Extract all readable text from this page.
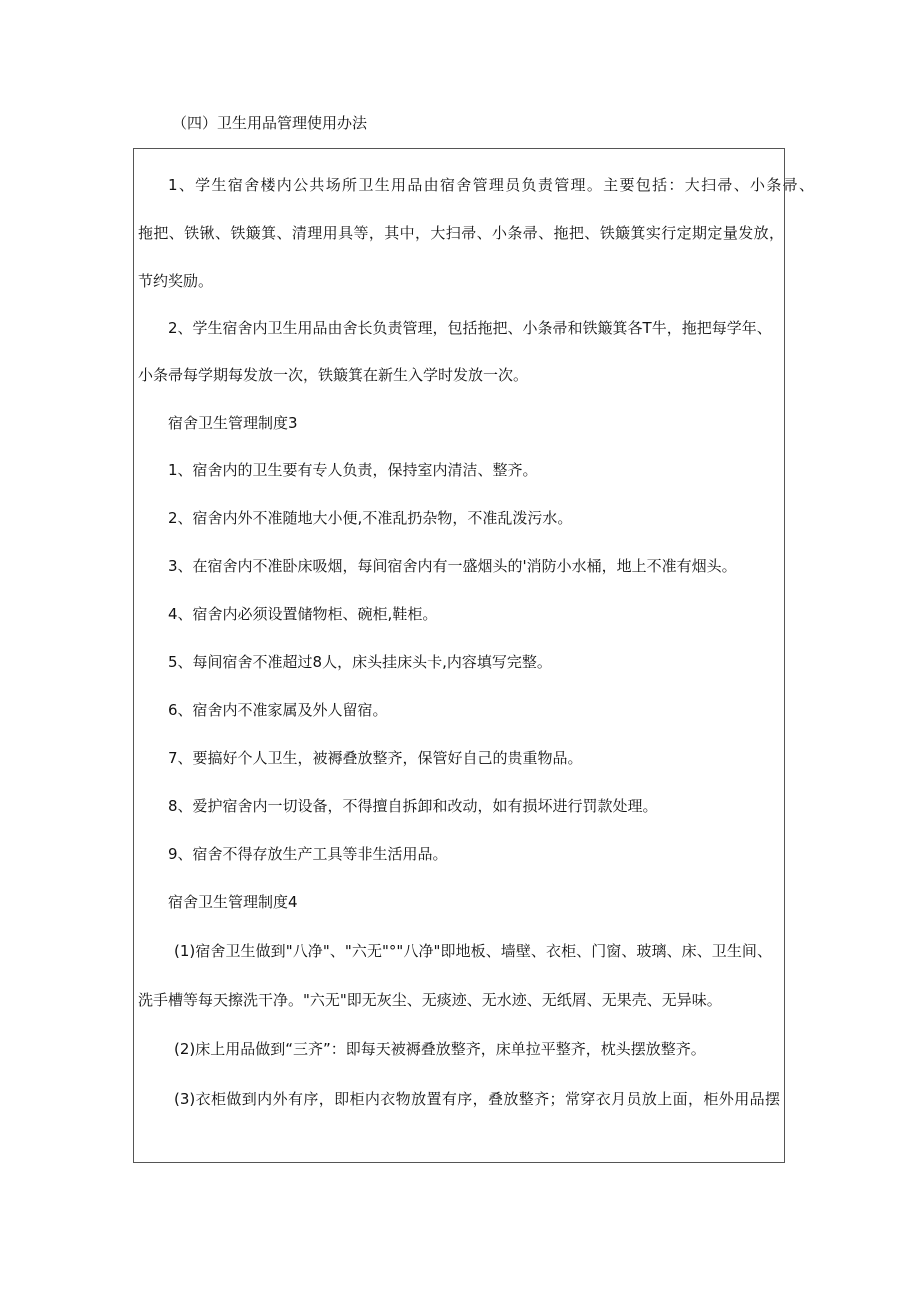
（四）卫生用品管理使用办法
1、学生宿舍楼内公共场所卫生用品由宿舍管理员负责管理。主要包括：大扫帚、小条帚、
拖把、铁锹、铁簸箕、清理用具等，其中，大扫帚、小条帚、拖把、铁簸箕实行定期定量发放，
节约奖励。
2、学生宿舍内卫生用品由舍长负责管理，包括拖把、小条帚和铁簸箕各T牛，拖把每学年、
小条帚每学期每发放一次，铁簸箕在新生入学时发放一次。
宿舍卫生管理制度3
1、宿舍内的卫生要有专人负责，保持室内清洁、整齐。
2、宿舍内外不准随地大小便,不准乱扔杂物，不准乱泼污水。
3、在宿舍内不准卧床吸烟，每间宿舍内有一盛烟头的'消防小水桶，地上不准有烟头。
4、宿舍内必须设置储物柜、碗柜,鞋柜。
5、每间宿舍不准超过8人，床头挂床头卡,内容填写完整。
6、宿舍内不准家属及外人留宿。
7、要搞好个人卫生，被褥叠放整齐，保管好自己的贵重物品。
8、爱护宿舍内一切设备，不得擅自拆卸和改动，如有损坏进行罚款处理。
9、宿舍不得存放生产工具等非生活用品。
宿舍卫生管理制度4
(1)宿舍卫生做到"八净"、"六无"°"八净"即地板、墙壁、衣柜、门窗、玻璃、床、卫生间、
洗手槽等每天擦洗干净。"六无"即无灰尘、无痰迹、无水迹、无纸屑、无果壳、无异味。
(2)床上用品做到“三齐”：即每天被褥叠放整齐，床单拉平整齐，枕头摆放整齐。
(3)衣柜做到内外有序，即柜内衣物放置有序，叠放整齐；常穿衣月员放上面，柜外用品摆
